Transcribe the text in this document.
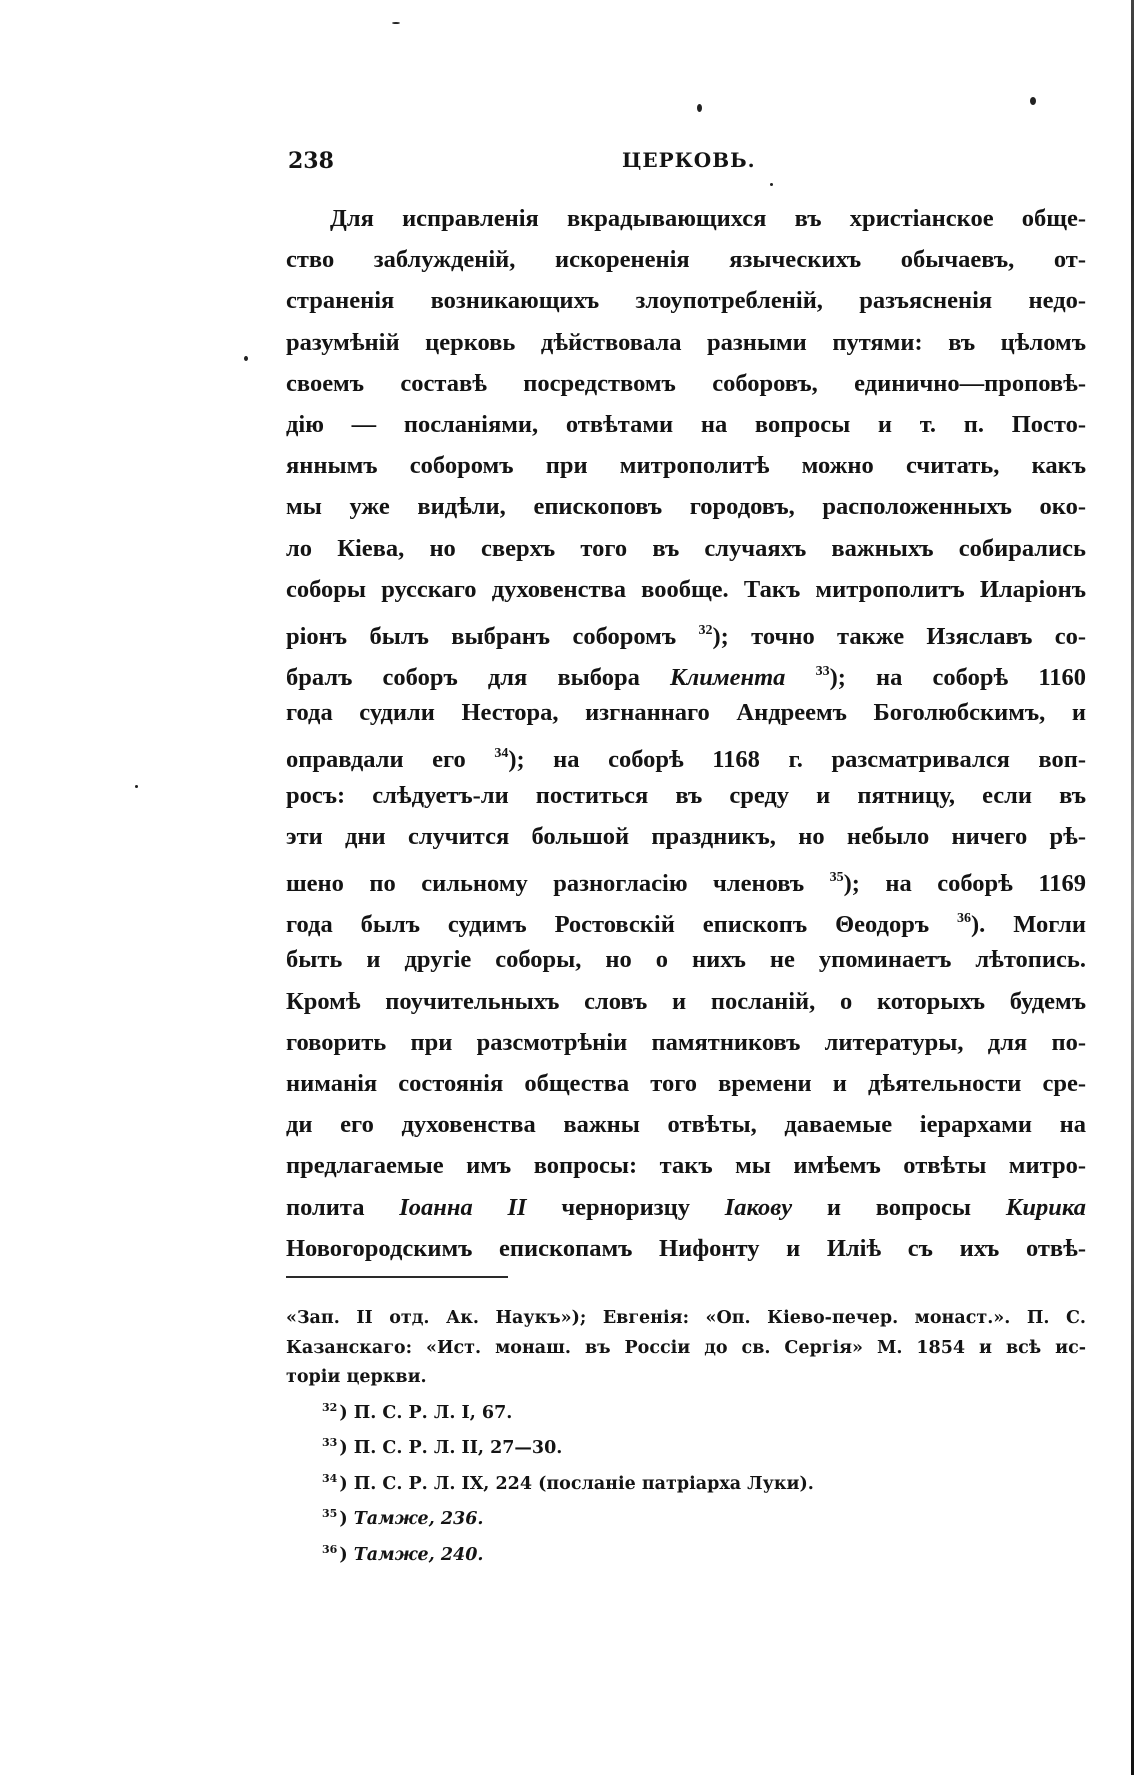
238	ЦЕРКОВЬ.
Для исправленія вкрадывающихся въ христіанское обще-
ство заблужденій, искорененія языческихъ обычаевъ, от-
страненія возникающихъ злоупотребленій, разъясненія недо-
разумѣній церковь дѣйствовала разными путями: въ цѣломъ
своемъ составѣ посредствомъ соборовъ, единично—проповѣ-
дію — посланіями, отвѣтами на вопросы и т. п. Посто-
яннымъ соборомъ при митрополитѣ можно считать, какъ
мы уже видѣли, епископовъ городовъ, расположенныхъ око-
ло Кіева, но сверхъ того въ случаяхъ важныхъ собирались
соборы русскаго духовенства вообще. Такъ митрополитъ Иларіонъ
ріонъ былъ выбранъ соборомъ $^{32}$); точно также Изяславъ со-
бралъ соборъ для выбора Климента $^{33}$); на соборѣ 1160
года судили Нестора, изгнаннаго Андреемъ Боголюбскимъ, и
оправдали его $^{34}$); на соборѣ 1168 г. разсматривался воп-
росъ: слѣдуетъ-ли поститься въ среду и пятницу, если въ
эти дни случится большой праздникъ, но небыло ничего рѣ-
шено по сильному разногласію членовъ $^{35}$); на соборѣ 1169
года былъ судимъ Ростовскій епископъ Θеодоръ $^{36}$). Могли
быть и другіе соборы, но о нихъ не упоминаетъ лѣтопись.
Кромѣ поучительныхъ словъ и посланій, о которыхъ будемъ
говорить при разсмотрѣніи памятниковъ литературы, для по-
ниманія состоянія общества того времени и дѣятельности сре-
ди его духовенства важны отвѣты, даваемые іерархами на
предлагаемые имъ вопросы: такъ мы имѣемъ отвѣты митро-
полита Іоанна II черноризцу Іакову и вопросы Кирика
Новогородскимъ епископамъ Нифонту и Иліѣ съ ихъ отвѣ-
«Зап. II отд. Ак. Наукъ»); Евгенія: «Оп. Кіево-печер. монаст.». П. С.
Казанскаго: «Ист. монаш. въ Россіи до св. Сергія» М. 1854 и всѣ ис-
торіи церкви.
$^{32}$ ) П. С. Р. Л. I, 67.
$^{33}$ ) П. С. Р. Л. II, 27—30.
$^{34}$ ) П. С. Р. Л. IX, 224 (посланіе патріарха Луки).
$^{35}$ ) Тамже, 236.
$^{36}$ ) Тамже, 240.
